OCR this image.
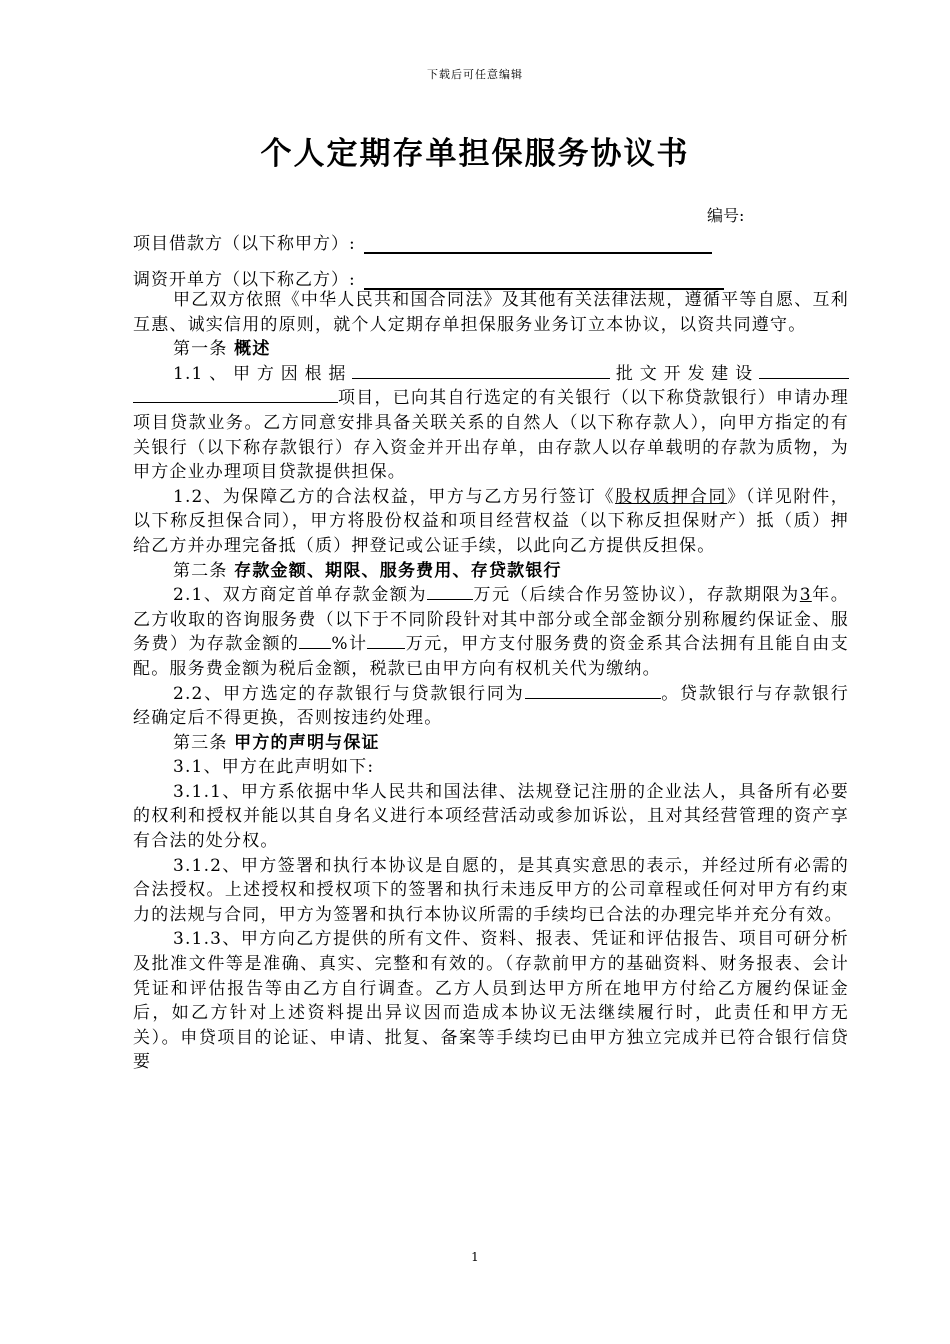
下载后可任意编辑
个人定期存单担保服务协议书
编号:
项目借款方（以下称甲方）:
调资开单方（以下称乙方）:

甲乙双方依照《中华人民共和国合同法》及其他有关法律法规，遵循平等自愿、互利互惠、诚实信用的原则，就个人定期存单担保服务业务订立本协议，以资共同遵守。

第一条 概述

1.1、甲方因根据	批文开发建设项目，已向其自行选定的有关银行（以下称贷款银行）申请办理项目贷款业务。乙方同意安排具备关联关系的自然人（以下称存款人），向甲方指定的有关银行（以下称存款银行）存入资金并开出存单，由存款人以存单载明的存款为质物，为甲方企业办理项目贷款提供担保。

1.2、为保障乙方的合法权益，甲方与乙方另行签订《股权质押合同》（详见附件，以下称反担保合同），甲方将股份权益和项目经营权益（以下称反担保财产）抵（质）押给乙方并办理完备抵（质）押登记或公证手续，以此向乙方提供反担保。

第二条 存款金额、期限、服务费用、存贷款银行

2.1、双方商定首单存款金额为	万元（后续合作另签协议），存款期限为3年。乙方收取的咨询服务费（以下于不同阶段针对其中部分或全部金额分别称履约保证金、服务费）为存款金额的 %计 万元，甲方支付服务费的资金系其合法拥有且能自由支配。服务费金额为税后金额，税款已由甲方向有权机关代为缴纳。

2.2、甲方选定的存款银行与贷款银行同为	。贷款银行与存款银行经确定后不得更换，否则按违约处理。

第三条 甲方的声明与保证

3.1、甲方在此声明如下:

3.1.1、甲方系依据中华人民共和国法律、法规登记注册的企业法人，具备所有必要的权利和授权并能以其自身名义进行本项经营活动或参加诉讼，且对其经营管理的资产享有合法的处分权。

3.1.2、甲方签署和执行本协议是自愿的，是其真实意思的表示，并经过所有必需的合法授权。上述授权和授权项下的签署和执行未违反甲方的公司章程或任何对甲方有约束力的法规与合同，甲方为签署和执行本协议所需的手续均已合法的办理完毕并充分有效。

3.1.3、甲方向乙方提供的所有文件、资料、报表、凭证和评估报告、项目可研分析及批准文件等是准确、真实、完整和有效的。（存款前甲方的基础资料、财务报表、会计凭证和评估报告等由乙方自行调查。乙方人员到达甲方所在地甲方付给乙方履约保证金后，如乙方针对上述资料提出异议因而造成本协议无法继续履行时，此责任和甲方无关）。申贷项目的论证、申请、批复、备案等手续均已由甲方独立完成并已符合银行信贷要

1
